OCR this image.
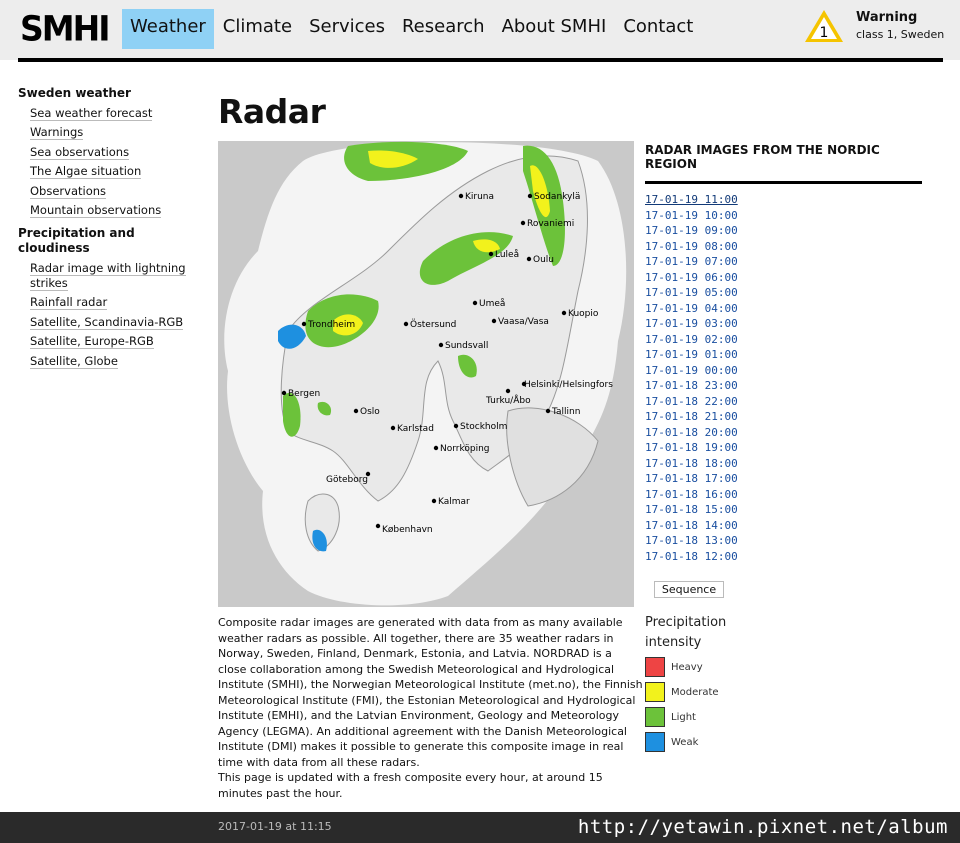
SMHI	Weather Climate Services Research About SMHI Contact	1
Warning
class 1, Sweden
Sweden weather
Sea weather forecast
Warnings
Sea observations
The Algae situation
Observations
Mountain observations
Precipitation and cloudiness
Radar image with lightning strikes
Rainfall radar
Satellite, Scandinavia-RGB
Satellite, Europe-RGB
Satellite, Globe
Radar
Kiruna	Sodankylä
Rovaniemi
Luleå Oulu
Umeå
Vaasa/Vasa
Kuopio
Trondheim	Östersund
Sundsvall
Helsinki/Helsingfors
Turku/Åbo
Tallinn
Bergen
Oslo
Karlstad	Stockholm
Norrköping
Göteborg
Kalmar
København

Composite radar images are generated with data from as many available weather radars as possible. All together, there are 35 weather radars in Norway, Sweden, Finland, Denmark, Estonia, and Latvia. NORDRAD is a close collaboration among the Swedish Meteorological and Hydrological Institute (SMHI), the Norwegian Meteorological Institute (met.no), the Finnish Meteorological Institute (FMI), the Estonian Meteorological and Hydrological Institute (EMHI), and the Latvian Environment, Geology and Meteorology Agency (LEGMA). An additional agreement with the Danish Meteorological Institute (DMI) makes it possible to generate this composite image in real time with data from all these radars.

This page is updated with a fresh composite every hour, at around 15 minutes past the hour.

RADAR IMAGES FROM THE NORDIC REGION
17-01-19 11:00
17-01-19 10:00
17-01-19 09:00
17-01-19 08:00
17-01-19 07:00
17-01-19 06:00
17-01-19 05:00
17-01-19 04:00
17-01-19 03:00
17-01-19 02:00
17-01-19 01:00
17-01-19 00:00
17-01-18 23:00
17-01-18 22:00
17-01-18 21:00
17-01-18 20:00
17-01-18 19:00
17-01-18 18:00
17-01-18 17:00
17-01-18 16:00
17-01-18 15:00
17-01-18 14:00
17-01-18 13:00
17-01-18 12:00
Sequence
Precipitation intensity
Heavy
Moderate
Light
Weak
2017-01-19 at 11:15	http://yetawin.pixnet.net/album
